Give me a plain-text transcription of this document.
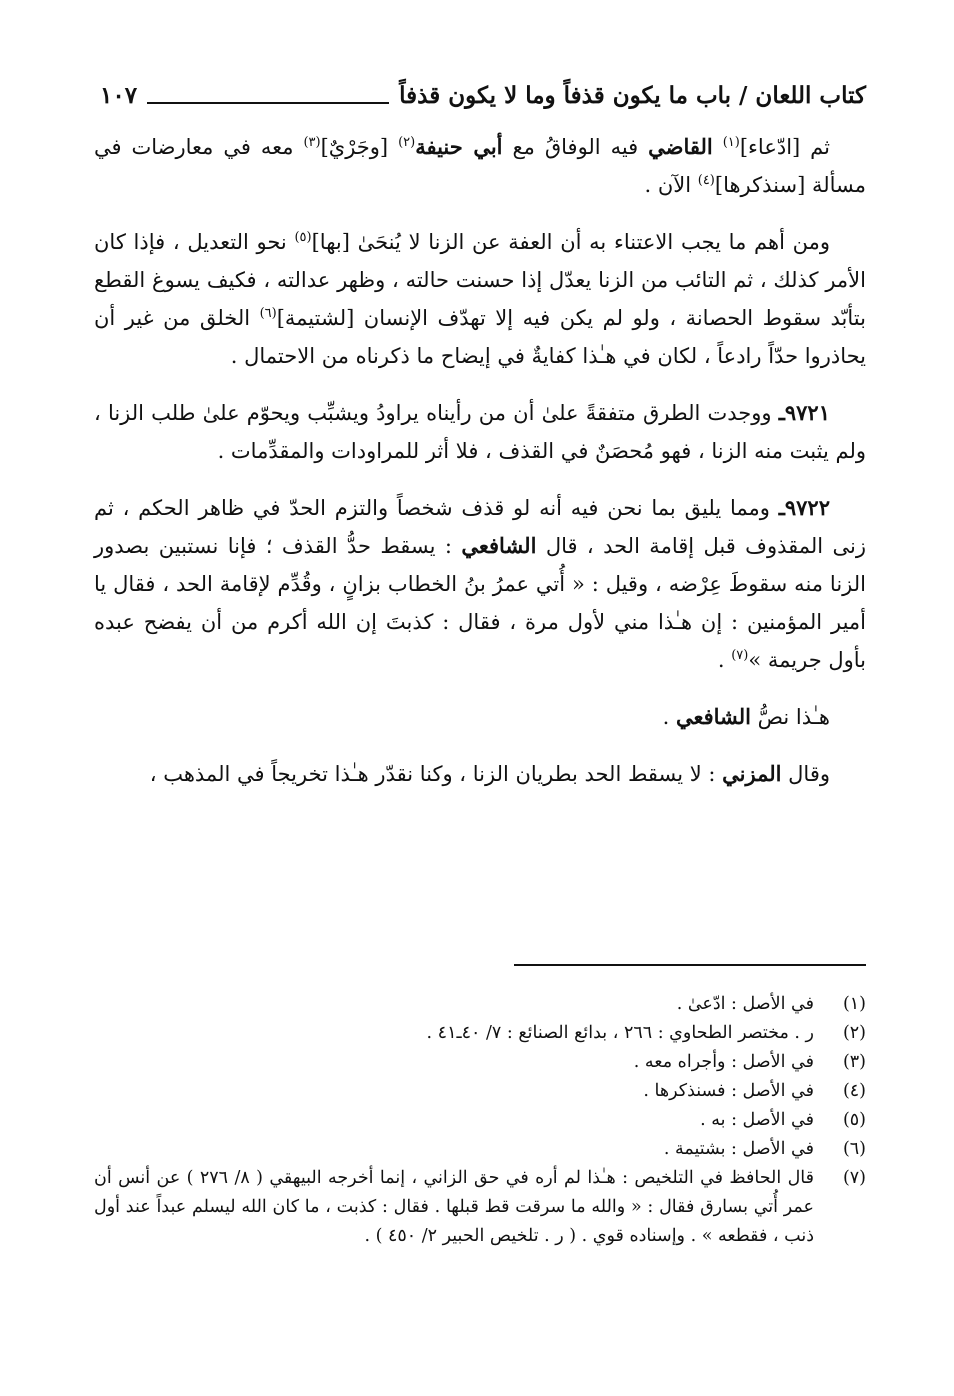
كتاب اللعان / باب ما يكون قذفاً وما لا يكون قذفاً
١٠٧

ثم [ادّعاء]$^{(١)}$ القاضي فيه الوفاقُ مع أبي حنيفة$^{(٢)}$ [وجَرْيٌ]$^{(٣)}$ معه في معارضات في مسألة [سنذكرها]$^{(٤)}$ الآن .

ومن أهم ما يجب الاعتناء به أن العفة عن الزنا لا يُنحَىٰ [بها]$^{(٥)}$ نحو التعديل ، فإذا كان الأمر كذلك ، ثم التائب من الزنا يعدّل إذا حسنت حالته ، وظهر عدالته ، فكيف يسوغ القطع بتأبّد سقوط الحصانة ، ولو لم يكن فيه إلا تهدّف الإنسان [لشتيمة]$^{(٦)}$ الخلق من غير أن يحاذروا حدّاً رادعاً ، لكان في هـٰذا كفايةٌ في إيضاح ما ذكرناه من الاحتمال .

٩٧٢١ـ ووجدت الطرق متفقةً علىٰ أن من رأيناه يراودُ ويشبِّب ويحوّم علىٰ طلب الزنا ، ولم يثبت منه الزنا ، فهو مُحصَنٌ في القذف ، فلا أثر للمراودات والمقدِّمات .

٩٧٢٢ـ ومما يليق بما نحن فيه أنه لو قذف شخصاً والتزم الحدّ في ظاهر الحكم ، ثم زنى المقذوف قبل إقامة الحد ، قال الشافعي : يسقط حدُّ القذف ؛ فإنا نستبين بصدور الزنا منه سقوطَ عِرْضه ، وقيل : « أُتي عمرُ بنُ الخطاب بزانٍ ، وقُدِّم لإقامة الحد ، فقال يا أمير المؤمنين : إن هـٰذا مني لأول مرة ، فقال : كذبتَ إن الله أكرم من أن يفضح عبده بأول جريمة »$^{(٧)}$ .

هـٰذا نصُّ الشافعي .

وقال المزني : لا يسقط الحد بطريان الزنا ، وكنا نقدّر هـٰذا تخريجاً في المذهب ،

(١)
في الأصل : ادّعىٰ .
(٢)
ر . مختصر الطحاوي : ٢٦٦ ، بدائع الصنائع : ٧/ ٤٠ـ٤١ .
(٣)
في الأصل : وأجراه معه .
(٤)
في الأصل : فسنذكرها .
(٥)
في الأصل : به .
(٦)
في الأصل : بشتيمة .
(٧)
قال الحافظ في التلخيص : هـٰذا لم أره في حق الزاني ، إنما أخرجه البيهقي ( ٨/ ٢٧٦ ) عن أنس أن عمر أُتي بسارق فقال : « والله ما سرقت قط قبلها . فقال : كذبت ، ما كان الله ليسلم عبداً عند أول ذنب ، فقطعه » . وإسناده قوي . ( ر . تلخيص الحبير ٢/ ٤٥٠ ) .
